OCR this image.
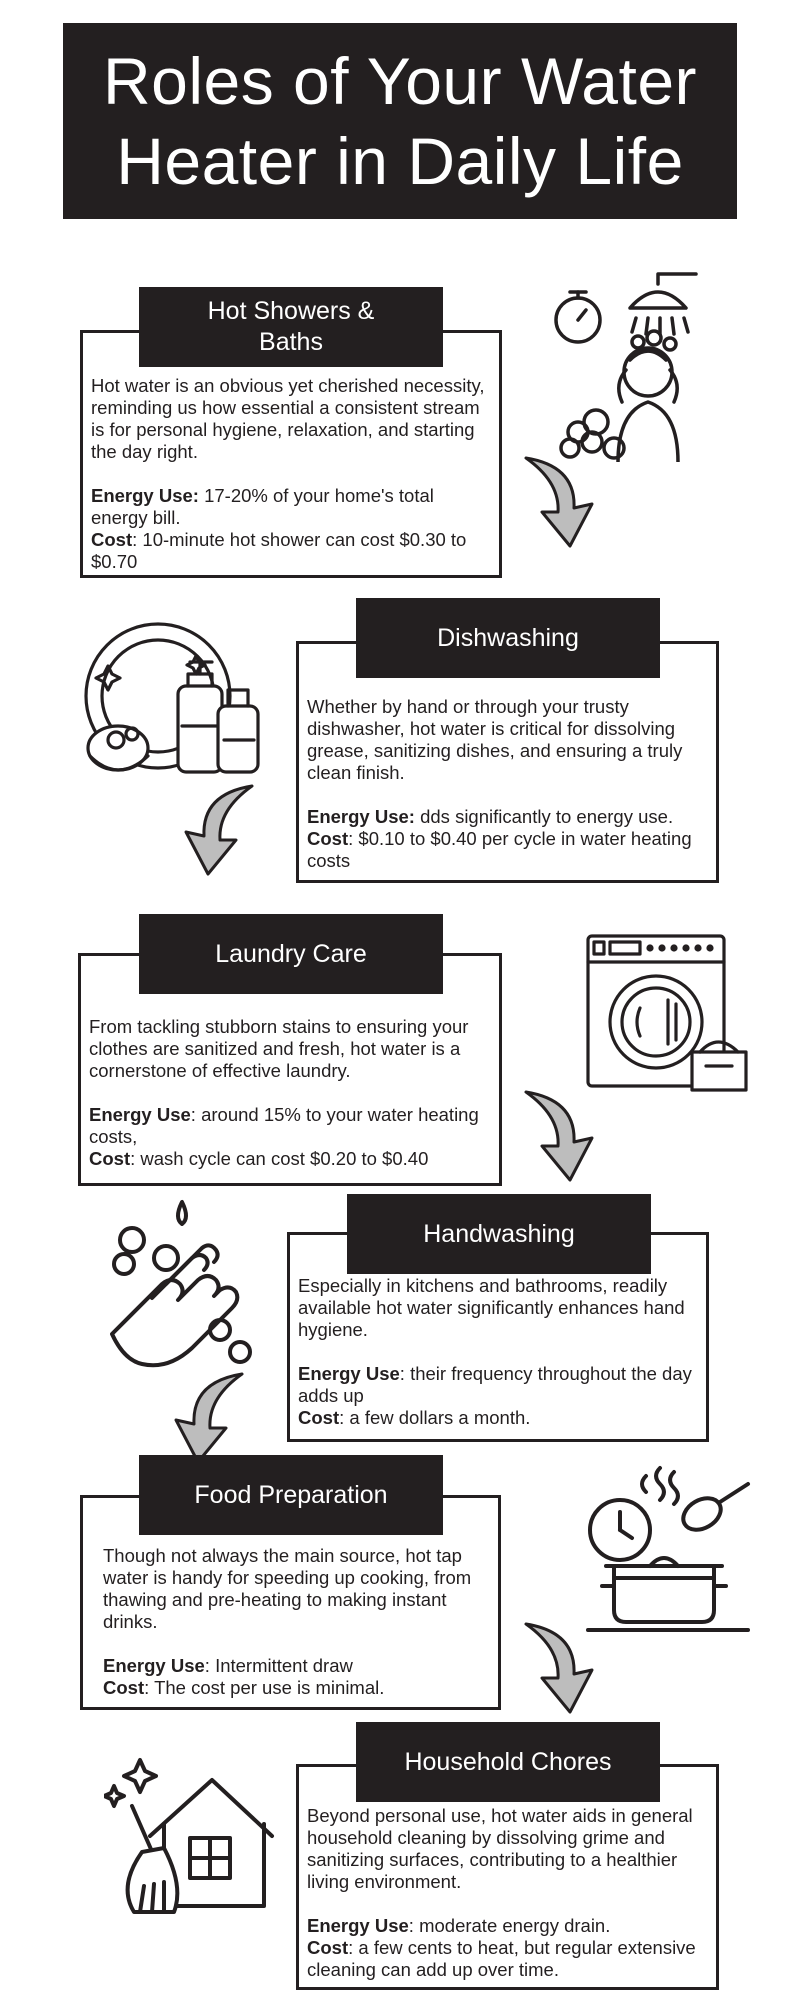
Roles of Your Water
Heater in Daily Life

Hot water is an obvious yet cherished necessity, reminding us how essential a consistent stream is for personal hygiene, relaxation, and starting the day right.

Energy Use: 17-20% of your home's total energy bill.

Cost: 10-minute hot shower can cost $0.30 to $0.70

Hot Showers &
Baths

Whether by hand or through your trusty dishwasher, hot water is critical for dissolving grease, sanitizing dishes, and ensuring a truly clean finish.

Energy Use: dds significantly to energy use.

Cost: $0.10 to $0.40 per cycle in water heating costs

Dishwashing

From tackling stubborn stains to ensuring your clothes are sanitized and fresh, hot water is a cornerstone of effective laundry.

Energy Use: around 15% to your water heating costs,

Cost: wash cycle can cost $0.20 to $0.40

Laundry Care

Especially in kitchens and bathrooms, readily available hot water significantly enhances hand hygiene.

Energy Use: their frequency throughout the day adds up

Cost: a few dollars a month.

Handwashing

Though not always the main source, hot tap water is handy for speeding up cooking, from thawing and pre-heating to making instant drinks.

Energy Use: Intermittent draw

Cost: The cost per use is minimal.

Food Preparation

Beyond personal use, hot water aids in general household cleaning by dissolving grime and sanitizing surfaces, contributing to a healthier living environment.

Energy Use: moderate energy drain.

Cost: a few cents to heat, but regular extensive cleaning can add up over time.

Household Chores
